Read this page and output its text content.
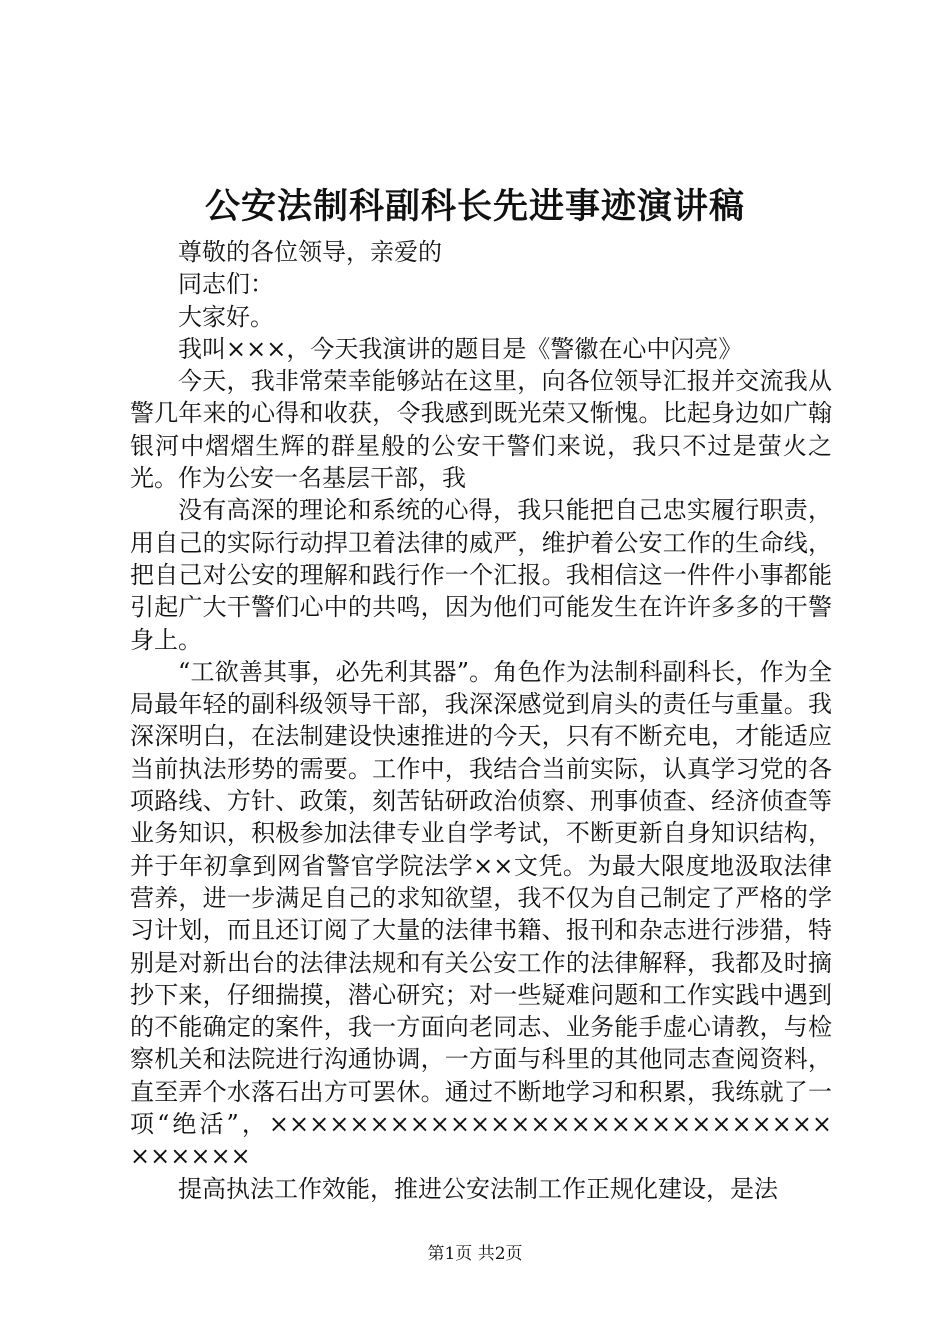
公安法制科副科长先进事迹演讲稿

尊敬的各位领导，亲爱的

同志们：

大家好。

我叫×××，今天我演讲的题目是《警徽在心中闪亮》

今天，我非常荣幸能够站在这里，向各位领导汇报并交流我从警几年来的心得和收获，令我感到既光荣又惭愧。比起身边如广翰银河中熠熠生辉的群星般的公安干警们来说，我只不过是萤火之光。作为公安一名基层干部，我

没有高深的理论和系统的心得，我只能把自己忠实履行职责，用自己的实际行动捍卫着法律的威严，维护着公安工作的生命线，把自己对公安的理解和践行作一个汇报。我相信这一件件小事都能引起广大干警们心中的共鸣，因为他们可能发生在许许多多的干警身上。

“工欲善其事，必先利其器”。角色作为法制科副科长，作为全局最年轻的副科级领导干部，我深深感觉到肩头的责任与重量。我深深明白，在法制建设快速推进的今天，只有不断充电，才能适应当前执法形势的需要。工作中，我结合当前实际，认真学习党的各项路线、方针、政策，刻苦钻研政治侦察、刑事侦查、经济侦查等业务知识，积极参加法律专业自学考试，不断更新自身知识结构，并于年初拿到网省警官学院法学××文凭。为最大限度地汲取法律营养，进一步满足自己的求知欲望，我不仅为自己制定了严格的学习计划，而且还订阅了大量的法律书籍、报刊和杂志进行涉猎，特别是对新出台的法律法规和有关公安工作的法律解释，我都及时摘抄下来，仔细揣摸，潜心研究；对一些疑难问题和工作实践中遇到的不能确定的案件，我一方面向老同志、业务能手虚心请教，与检察机关和法院进行沟通协调，一方面与科里的其他同志查阅资料，直至弄个水落石出方可罢休。通过不断地学习和积累，我练就了一项“绝活”，××××××××××××××××××××××××××××××××××

提高执法工作效能，推进公安法制工作正规化建设，是法

第1页 共2页
